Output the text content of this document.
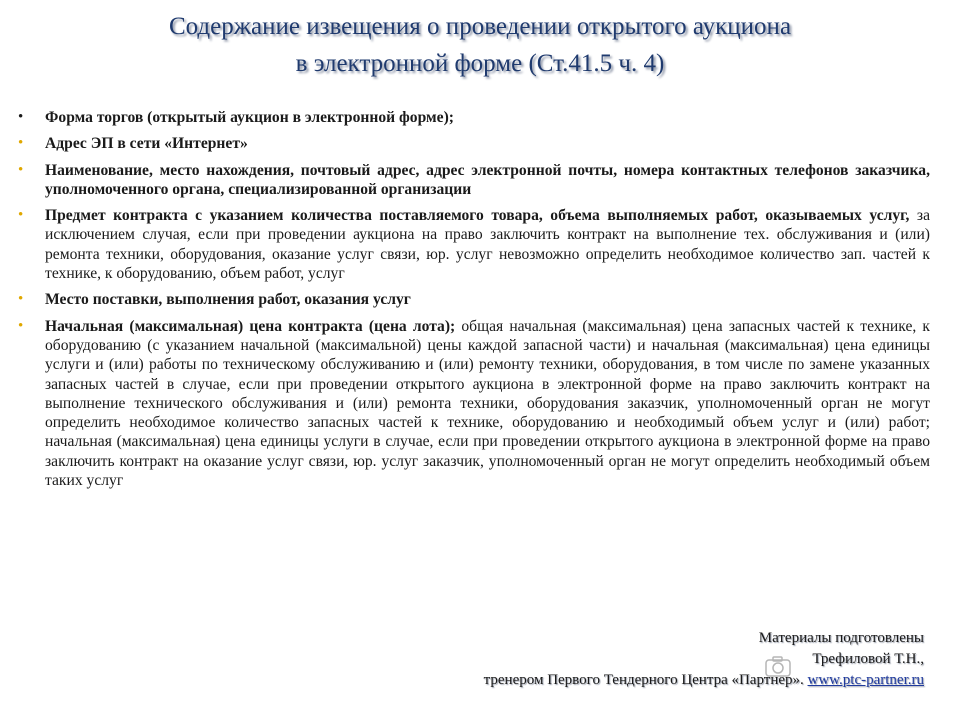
Содержание извещения о проведении открытого аукциона
в электронной форме (Ст.41.5 ч. 4)
•	Форма торгов (открытый аукцион в электронной форме);
•	Адрес ЭП в сети «Интернет»
•	Наименование, место нахождения, почтовый адрес, адрес электронной почты, номера контактных телефонов заказчика, уполномоченного органа, специализированной организации
•	Предмет контракта с указанием количества поставляемого товара, объема выполняемых работ, оказываемых услуг, за исключением случая, если при проведении аукциона на право заключить контракт на выполнение тех. обслуживания и (или) ремонта техники, оборудования, оказание услуг связи, юр. услуг невозможно определить необходимое количество зап. частей к технике, к оборудованию, объем работ, услуг
•	Место поставки, выполнения работ, оказания услуг
•	Начальная (максимальная) цена контракта (цена лота); общая начальная (максимальная) цена запасных частей к технике, к оборудованию (с указанием начальной (максимальной) цены каждой запасной части) и начальная (максимальная) цена единицы услуги и (или) работы по техническому обслуживанию и (или) ремонту техники, оборудования, в том числе по замене указанных запасных частей в случае, если при проведении открытого аукциона в электронной форме на право заключить контракт на выполнение технического обслуживания и (или) ремонта техники, оборудования заказчик, уполномоченный орган не могут определить необходимое количество запасных частей к технике, оборудованию и необходимый объем услуг и (или) работ; начальная (максимальная) цена единицы услуги в случае, если при проведении открытого аукциона в электронной форме на право заключить контракт на оказание услуг связи, юр. услуг заказчик, уполномоченный орган не могут определить необходимый объем таких услуг
Материалы подготовлены
Трефиловой Т.Н.,
тренером Первого Тендерного Центра «Партнер». www.ptc-partner.ru
